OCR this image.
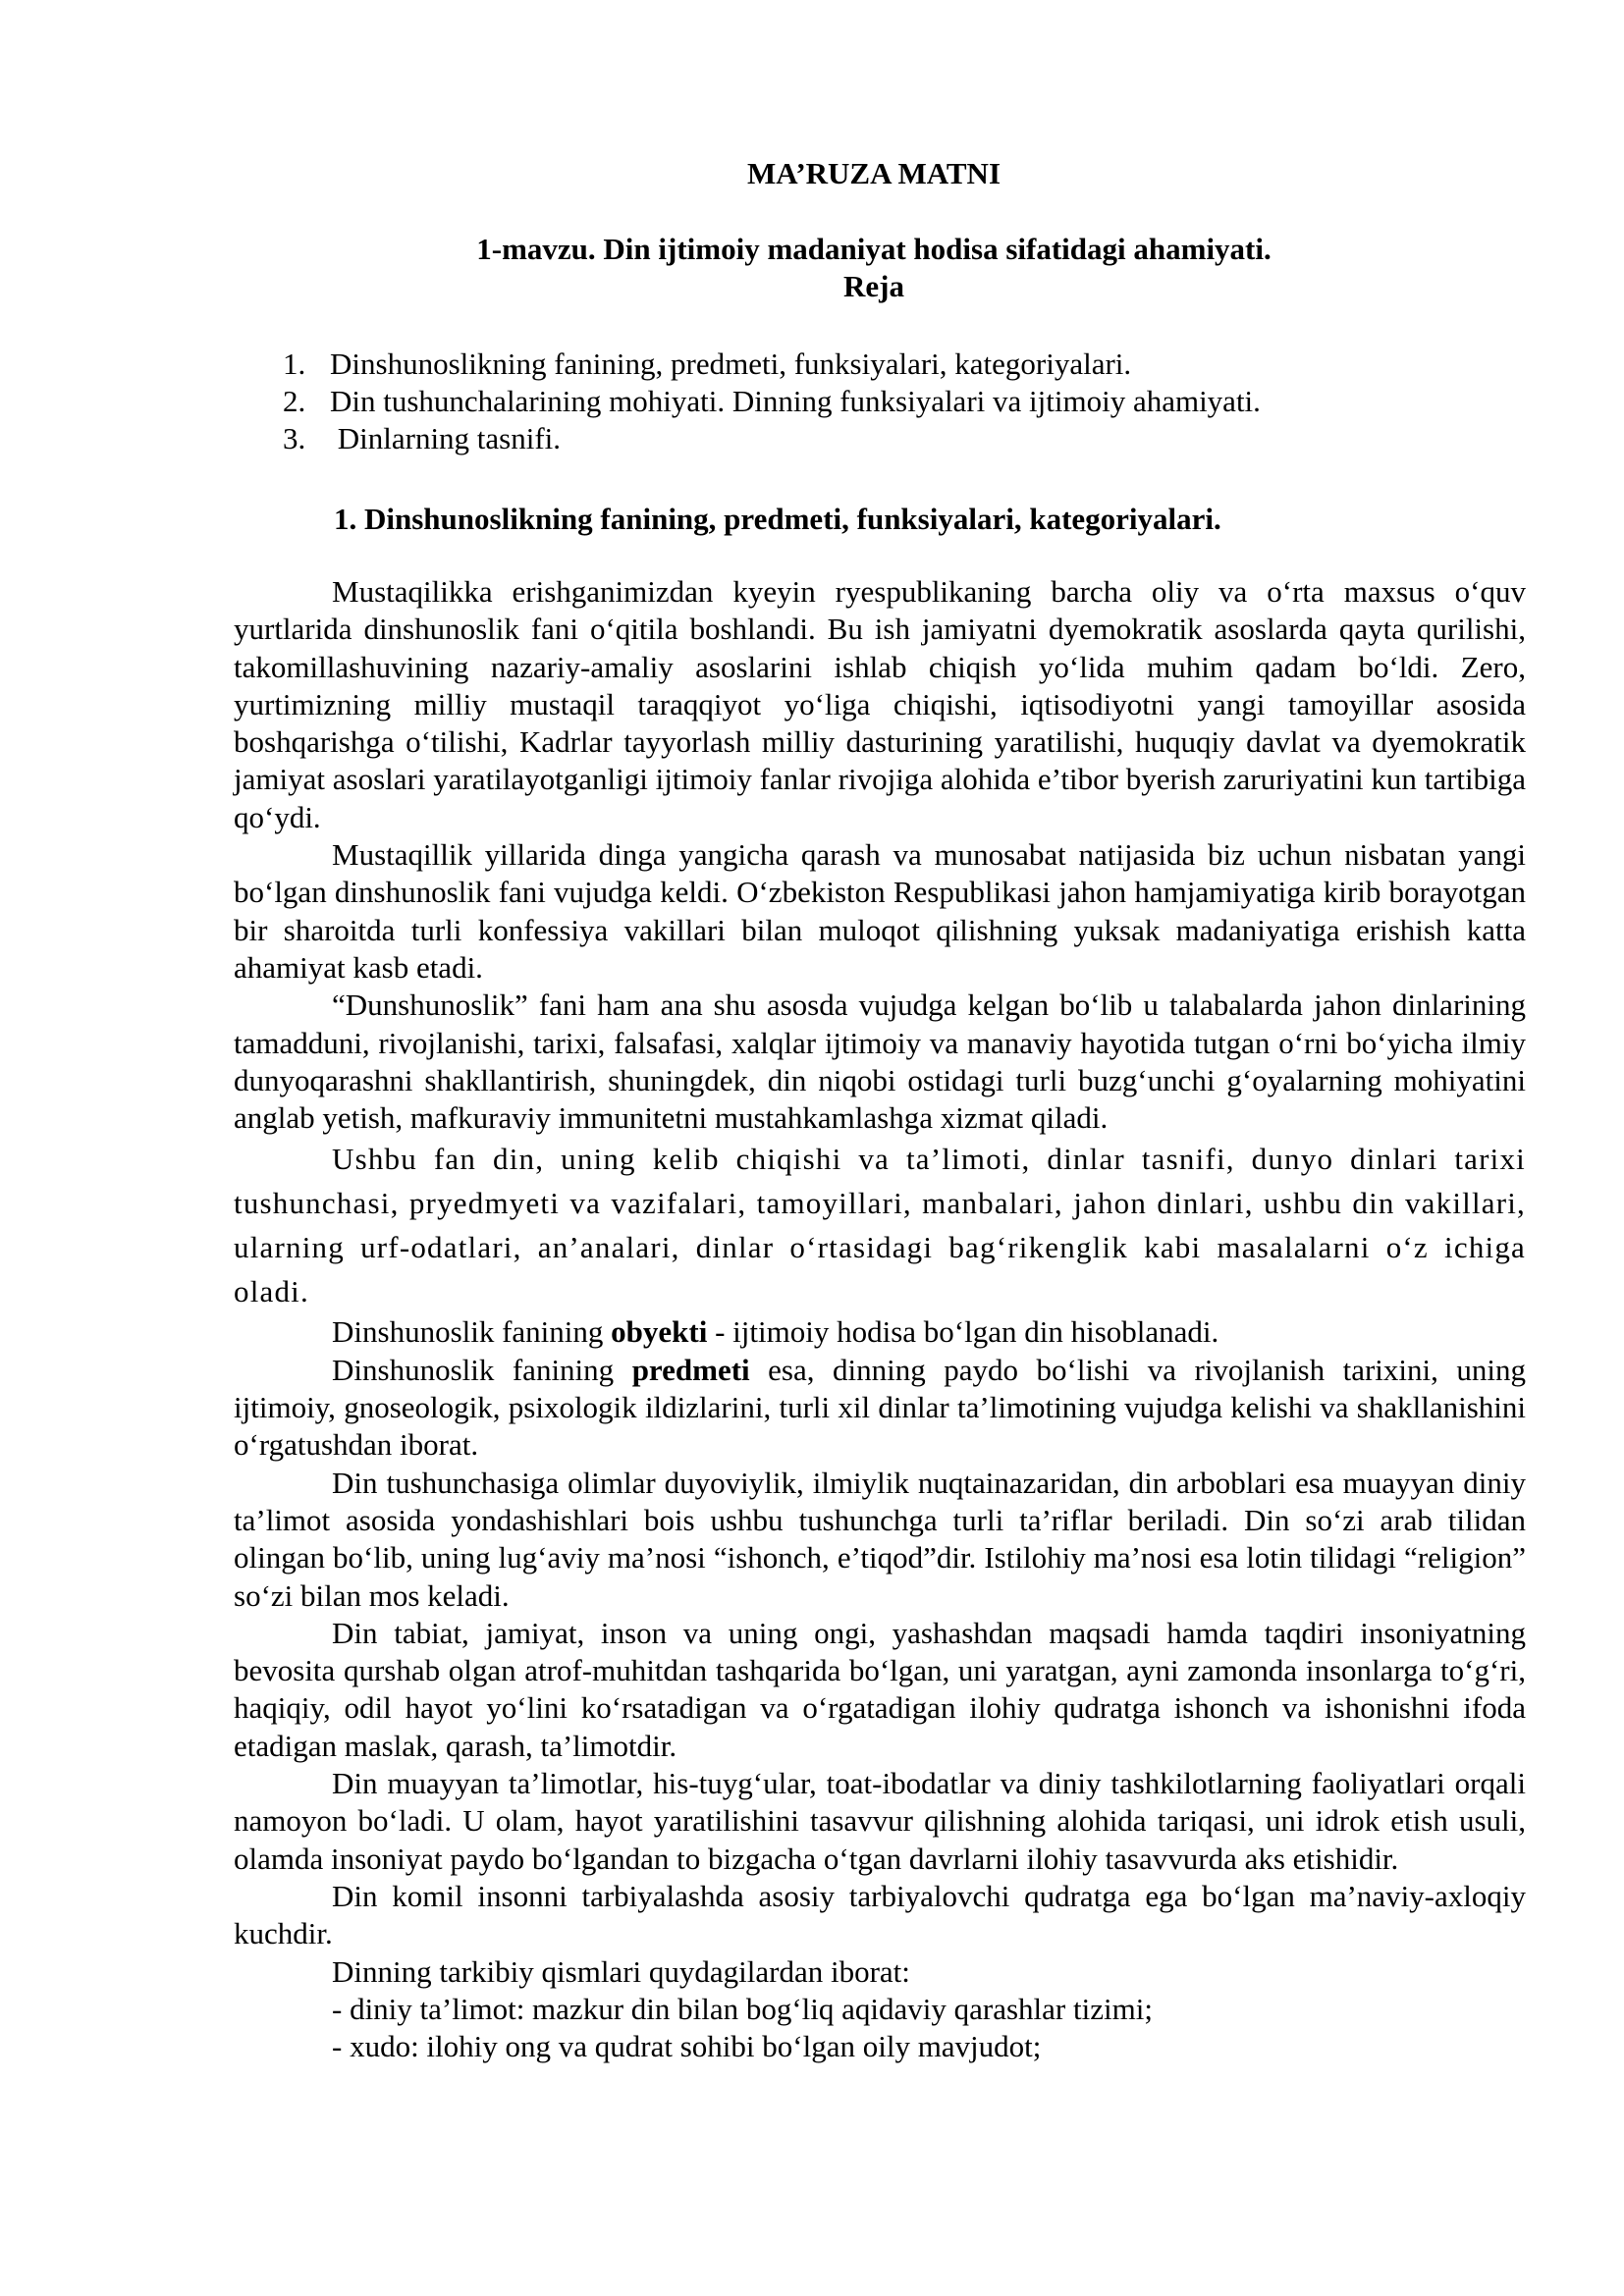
MA’RUZA MATNI
1-mavzu. Din ijtimoiy madaniyat hodisa sifatidagi ahamiyati.
Reja
1. Dinshunoslikning fanining, predmeti, funksiyalari, kategoriyalari.
2. Din tushunchalarining mohiyati. Dinning funksiyalari va ijtimoiy ahamiyati.
3. Dinlarning tasnifi.
1. Dinshunoslikning fanining, predmeti, funksiyalari, kategoriyalari.

Mustaqilikka erishganimizdan kyeyin ryespublikaning barcha oliy va o‘rta maxsus o‘quv yurtlarida dinshunoslik fani o‘qitila boshlandi. Bu ish jamiyatni dyemokratik asoslarda qayta qurilishi, takomillashuvining nazariy-amaliy asoslarini ishlab chiqish yo‘lida muhim qadam bo‘ldi. Zero, yurtimizning milliy mustaqil taraqqiyot yo‘liga chiqishi, iqtisodiyotni yangi tamoyillar asosida boshqarishga o‘tilishi, Kadrlar tayyorlash milliy dasturining yaratilishi, huquqiy davlat va dyemokratik jamiyat asoslari yaratilayotganligi ijtimoiy fanlar rivojiga alohida e’tibor byerish zaruriyatini kun tartibiga qo‘ydi.

Mustaqillik yillarida dinga yangicha qarash va munosabat natijasida biz uchun nisbatan yangi bo‘lgan dinshunoslik fani vujudga keldi. O‘zbekiston Respublikasi jahon hamjamiyatiga kirib borayotgan bir sharoitda turli konfessiya vakillari bilan muloqot qilishning yuksak madaniyatiga erishish katta ahamiyat kasb etadi.

“Dunshunoslik” fani ham ana shu asosda vujudga kelgan bo‘lib u talabalarda jahon dinlarining tamadduni, rivojlanishi, tarixi, falsafasi, xalqlar ijtimoiy va manaviy hayotida tutgan o‘rni bo‘yicha ilmiy dunyoqarashni shakllantirish, shuningdek, din niqobi ostidagi turli buzg‘unchi g‘oyalarning mohiyatini anglab yetish, mafkuraviy immunitetni mustahkamlashga xizmat qiladi.

Ushbu fan din, uning kelib chiqishi va ta’limoti, dinlar tasnifi, dunyo dinlari tarixi tushunchasi, pryedmyeti va vazifalari, tamoyillari, manbalari, jahon dinlari, ushbu din vakillari, ularning urf-odatlari, an’analari, dinlar o‘rtasidagi bag‘rikenglik kabi masalalarni o‘z ichiga oladi.

Dinshunoslik fanining obyekti - ijtimoiy hodisa bo‘lgan din hisoblanadi.

Dinshunoslik fanining predmeti esa, dinning paydo bo‘lishi va rivojlanish tarixini, uning ijtimoiy, gnoseologik, psixologik ildizlarini, turli xil dinlar ta’limotining vujudga kelishi va shakllanishini o‘rgatushdan iborat.

Din tushunchasiga olimlar duyoviylik, ilmiylik nuqtainazaridan, din arboblari esa muayyan diniy ta’limot asosida yondashishlari bois ushbu tushunchga turli ta’riflar beriladi. Din so‘zi arab tilidan olingan bo‘lib, uning lug‘aviy ma’nosi “ishonch, e’tiqod”dir. Istilohiy ma’nosi esa lotin tilidagi “religion” so‘zi bilan mos keladi.

Din tabiat, jamiyat, inson va uning ongi, yashashdan maqsadi hamda taqdiri insoniyatning bevosita qurshab olgan atrof-muhitdan tashqarida bo‘lgan, uni yaratgan, ayni zamonda insonlarga to‘g‘ri, haqiqiy, odil hayot yo‘lini ko‘rsatadigan va o‘rgatadigan ilohiy qudratga ishonch va ishonishni ifoda etadigan maslak, qarash, ta’limotdir.

Din muayyan ta’limotlar, his-tuyg‘ular, toat-ibodatlar va diniy tashkilotlarning faoliyatlari orqali namoyon bo‘ladi. U olam, hayot yaratilishini tasavvur qilishning alohida tariqasi, uni idrok etish usuli, olamda insoniyat paydo bo‘lgandan to bizgacha o‘tgan davrlarni ilohiy tasavvurda aks etishidir.

Din komil insonni tarbiyalashda asosiy tarbiyalovchi qudratga ega bo‘lgan ma’naviy-axloqiy kuchdir.

Dinning tarkibiy qismlari quydagilardan iborat:

- diniy ta’limot: mazkur din bilan bog‘liq aqidaviy qarashlar tizimi;

- xudo: ilohiy ong va qudrat sohibi bo‘lgan oily mavjudot;
